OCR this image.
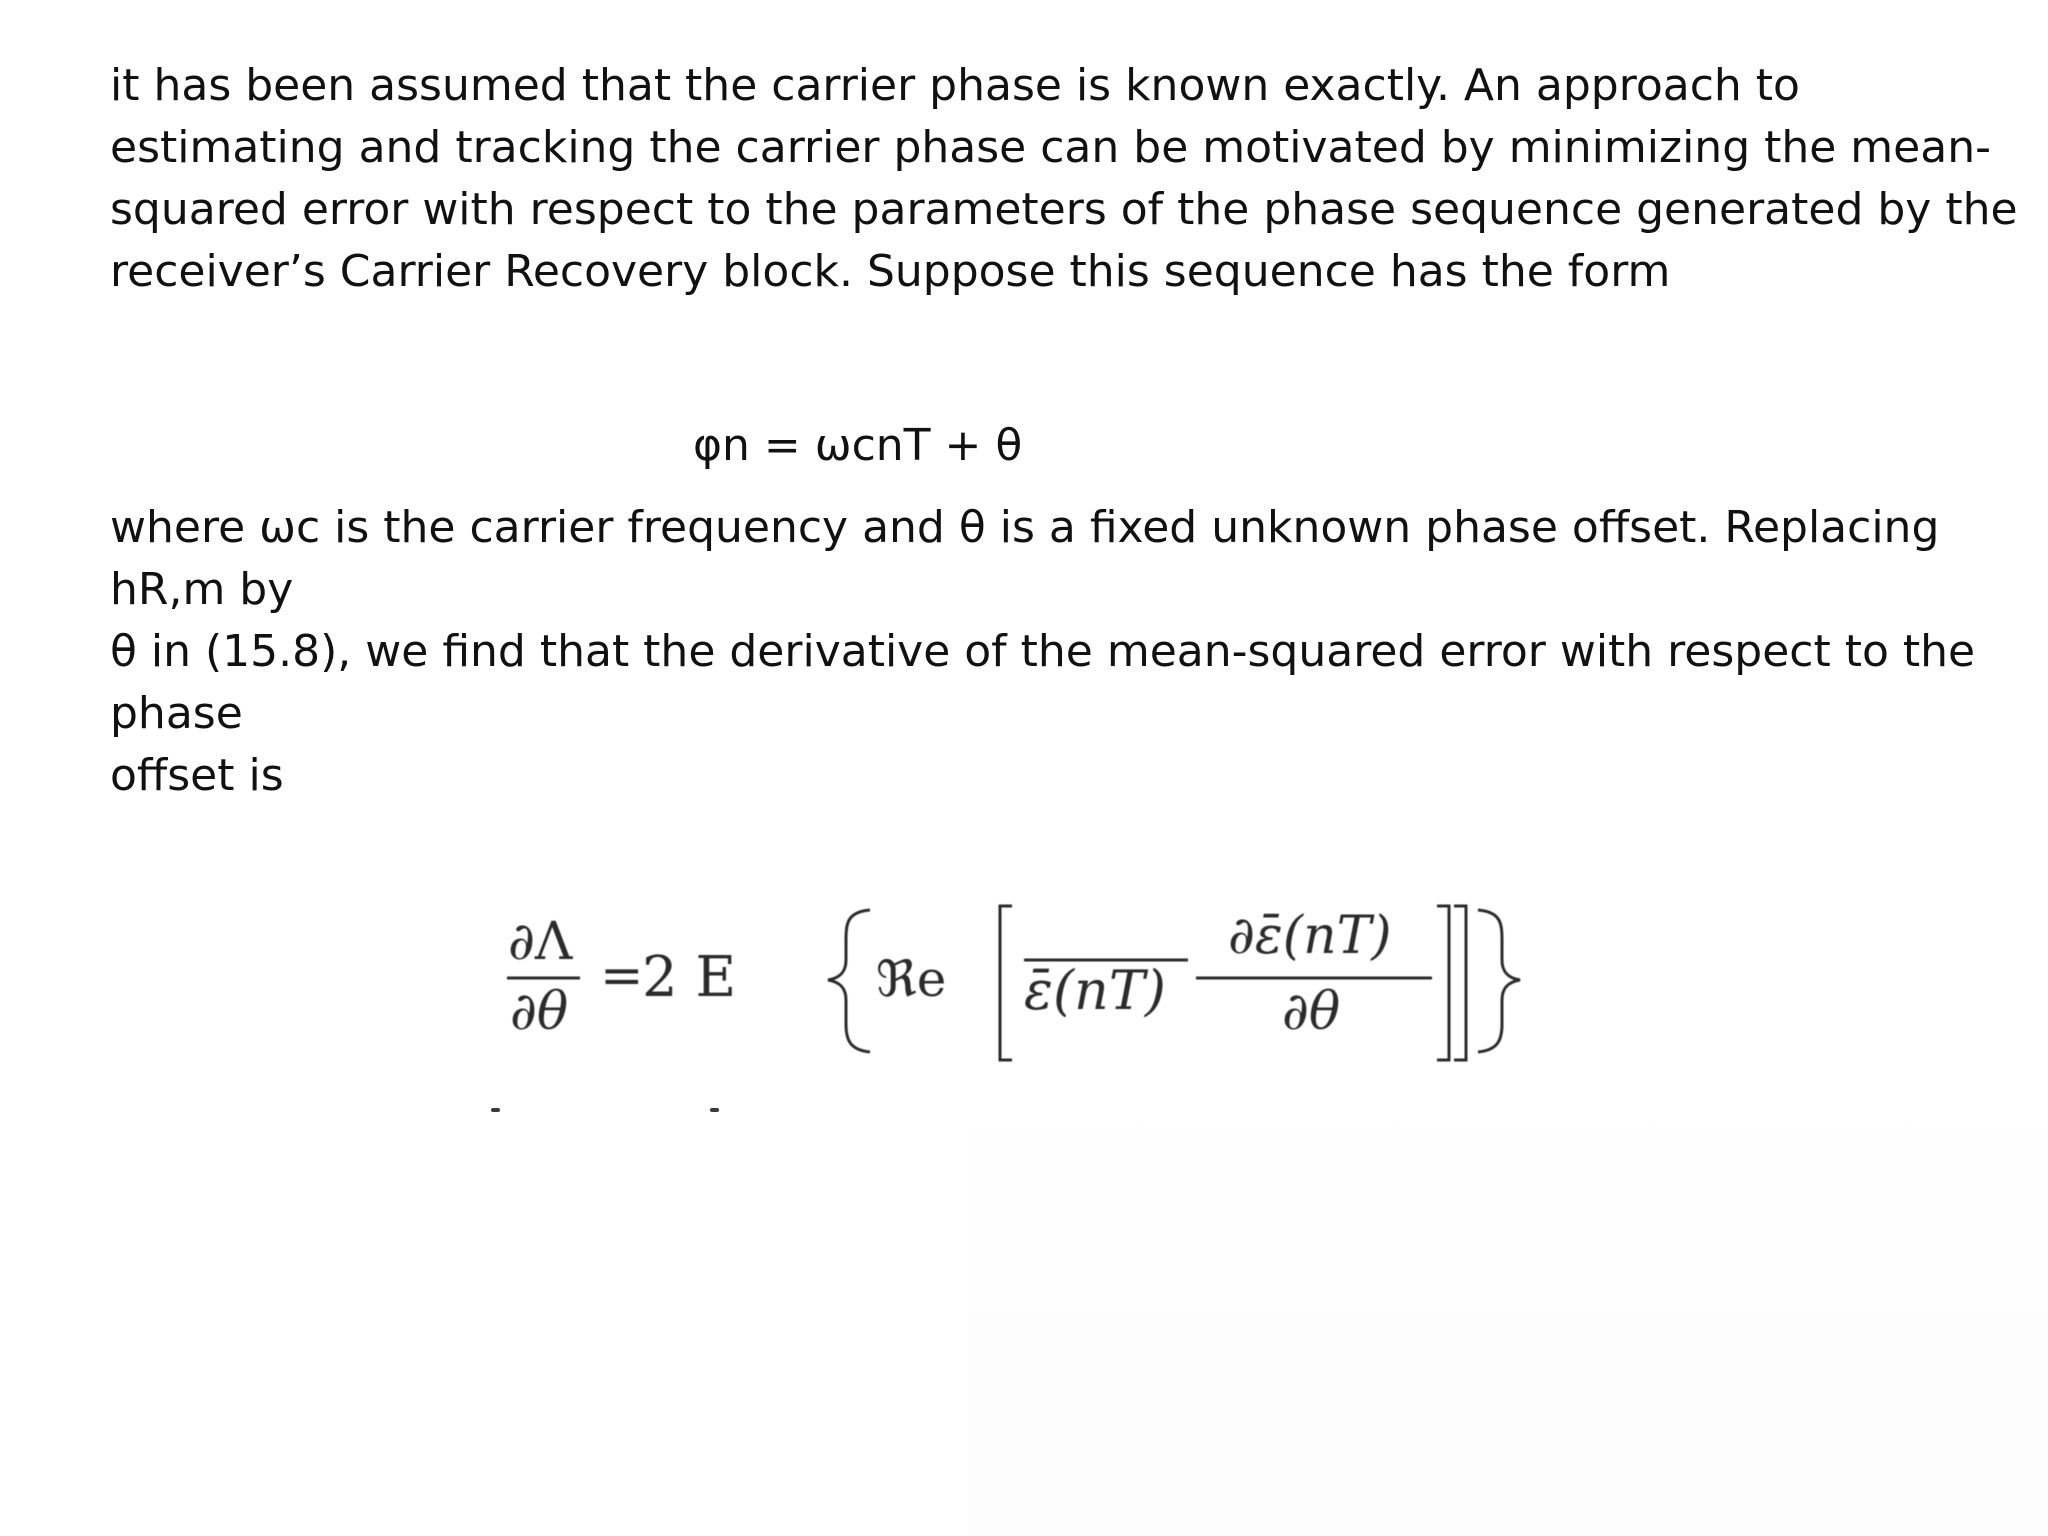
it has been assumed that the carrier phase is known exactly. An approach to
estimating and tracking the carrier phase can be motivated by minimizing the mean-
squared error with respect to the parameters of the phase sequence generated by the
receiver’s Carrier Recovery block. Suppose this sequence has the form

φn = ωcnT + θ

where ωc is the carrier frequency and θ is a fixed unknown phase offset. Replacing
hR,m by
θ in (15.8), we find that the derivative of the mean-squared error with respect to the
phase
offset is

∂Λ
∂θ
=
2 E	ℜe ε̄(nT)
∂ε̄(nT)
∂θ
